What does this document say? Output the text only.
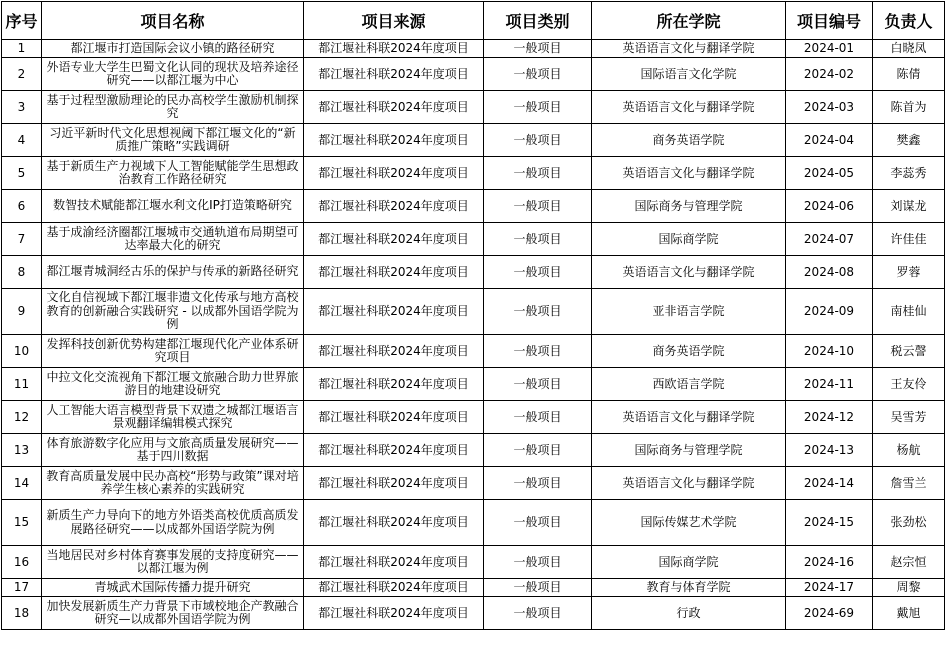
序号	项目名称	项目来源	项目类别	所在学院	项目编号	负责人
1	都江堰市打造国际会议小镇的路径研究	都江堰社科联2024年度项目	一般项目	英语语言文化与翻译学院	2024-01	白晓凤
2	外语专业大学生巴蜀文化认同的现状及培养途径研究——以都江堰为中心	都江堰社科联2024年度项目	一般项目	国际语言文化学院	2024-02	陈倩
3	基于过程型激励理论的民办高校学生激励机制探究	都江堰社科联2024年度项目	一般项目	英语语言文化与翻译学院	2024-03	陈首为
4	习近平新时代文化思想视阈下都江堰文化的“新质推广策略”实践调研	都江堰社科联2024年度项目	一般项目	商务英语学院	2024-04	樊鑫
5	基于新质生产力视域下人工智能赋能学生思想政治教育工作路径研究	都江堰社科联2024年度项目	一般项目	英语语言文化与翻译学院	2024-05	李蕊秀
6	数智技术赋能都江堰水利文化IP打造策略研究	都江堰社科联2024年度项目	一般项目	国际商务与管理学院	2024-06	刘谋龙
7	基于成渝经济圈都江堰城市交通轨道布局期望可达率最大化的研究	都江堰社科联2024年度项目	一般项目	国际商学院	2024-07	许佳佳
8	都江堰青城洞经古乐的保护与传承的新路径研究	都江堰社科联2024年度项目	一般项目	英语语言文化与翻译学院	2024-08	罗蓉
9	文化自信视域下都江堰非遗文化传承与地方高校教育的创新融合实践研究 - 以成都外国语学院为例	都江堰社科联2024年度项目	一般项目	亚非语言学院	2024-09	南桂仙
10	发挥科技创新优势构建都江堰现代化产业体系研究项目	都江堰社科联2024年度项目	一般项目	商务英语学院	2024-10	税云謦
11	中拉文化交流视角下都江堰文旅融合助力世界旅游目的地建设研究	都江堰社科联2024年度项目	一般项目	西欧语言学院	2024-11	王友伶
12	人工智能大语言模型背景下双遗之城都江堰语言景观翻译编辑模式探究	都江堰社科联2024年度项目	一般项目	英语语言文化与翻译学院	2024-12	吴雪芳
13	体育旅游数字化应用与文旅高质量发展研究——基于四川数据	都江堰社科联2024年度项目	一般项目	国际商务与管理学院	2024-13	杨航
14	教育高质量发展中民办高校“形势与政策”课对培养学生核心素养的实践研究	都江堰社科联2024年度项目	一般项目	英语语言文化与翻译学院	2024-14	詹雪兰
15	新质生产力导向下的地方外语类高校优质高质发展路径研究——以成都外国语学院为例	都江堰社科联2024年度项目	一般项目	国际传媒艺术学院	2024-15	张劲松
16	当地居民对乡村体育赛事发展的支持度研究——以都江堰为例	都江堰社科联2024年度项目	一般项目	国际商学院	2024-16	赵宗恒
17	青城武术国际传播力提升研究	都江堰社科联2024年度项目	一般项目	教育与体育学院	2024-17	周黎
18	加快发展新质生产力背景下市域校地企产教融合研究—以成都外国语学院为例	都江堰社科联2024年度项目	一般项目	行政	2024-69	戴旭
